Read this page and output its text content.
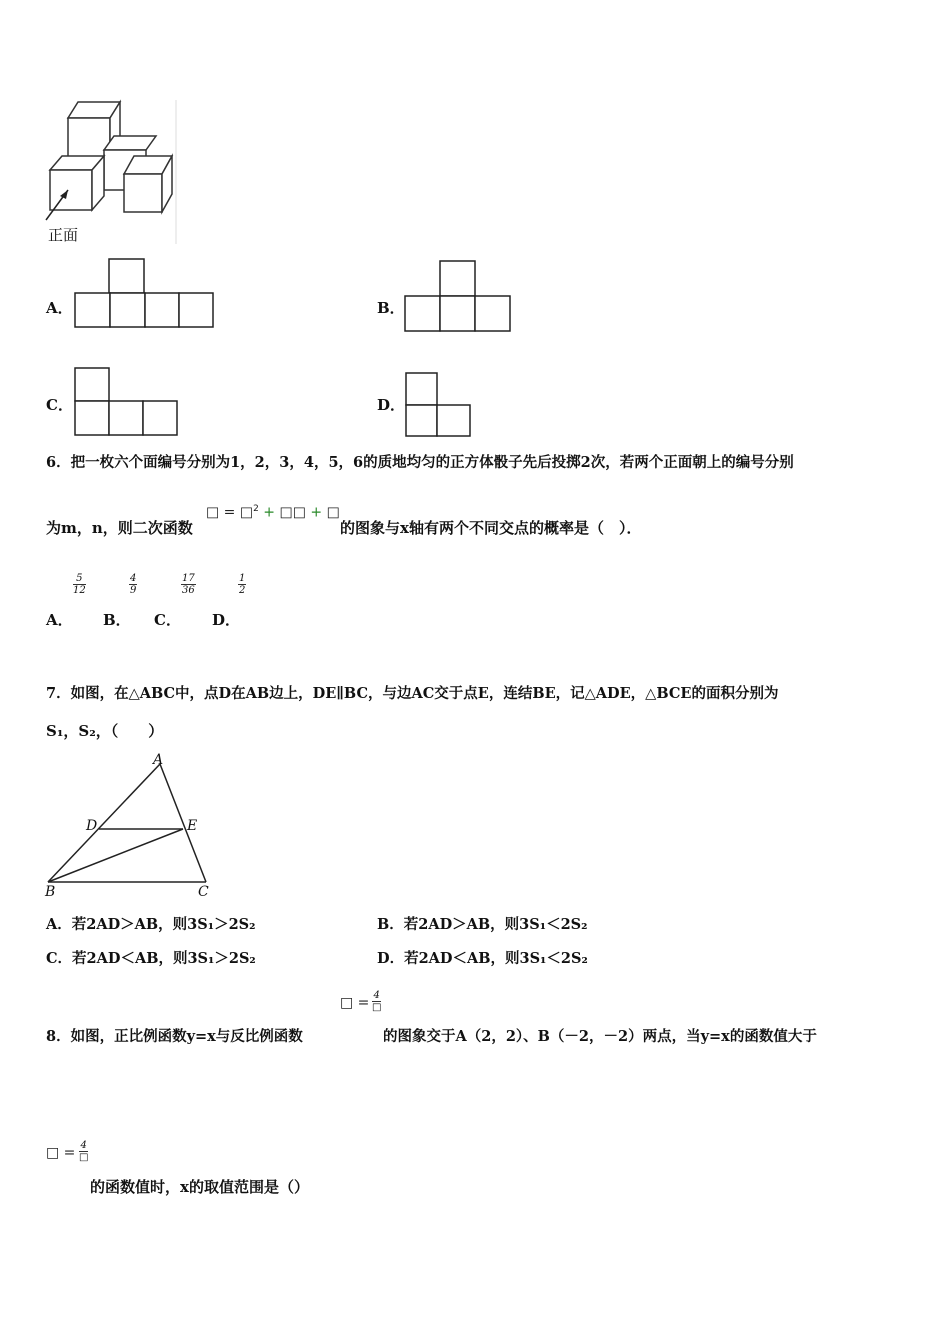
正面
A．	B．
C．	D．
6．把一枚六个面编号分别为1，2，3，4，5，6的质地均匀的正方体骰子先后投掷2次，若两个正面朝上的编号分别
为m，n，则二次函数
□ = □$^2$ + □□ + □
的图象与x轴有两个不同交点的概率是（　）．
$\frac{5}{12}$	$\frac{4}{9}$	$\frac{17}{36}$	$\frac{1}{2}$
A． B． C． D．
7．如图，在△ABC中，点D在AB边上，DE∥BC，与边AC交于点E，连结BE，记△ADE，△BCE的面积分别为
S₁，S₂，（　　）
A
D	E
B	C
A．若2AD＞AB，则3S₁＞2S₂	B．若2AD＞AB，则3S₁＜2S₂
C．若2AD＜AB，则3S₁＞2S₂	D．若2AD＜AB，则3S₁＜2S₂
□ = 4
□
8．如图，正比例函数y=x与反比例函数	的图象交于A（2，2）、B（－2，－2）两点，当y=x的函数值大于
□ = 4
□
的函数值时，x的取值范围是（）
